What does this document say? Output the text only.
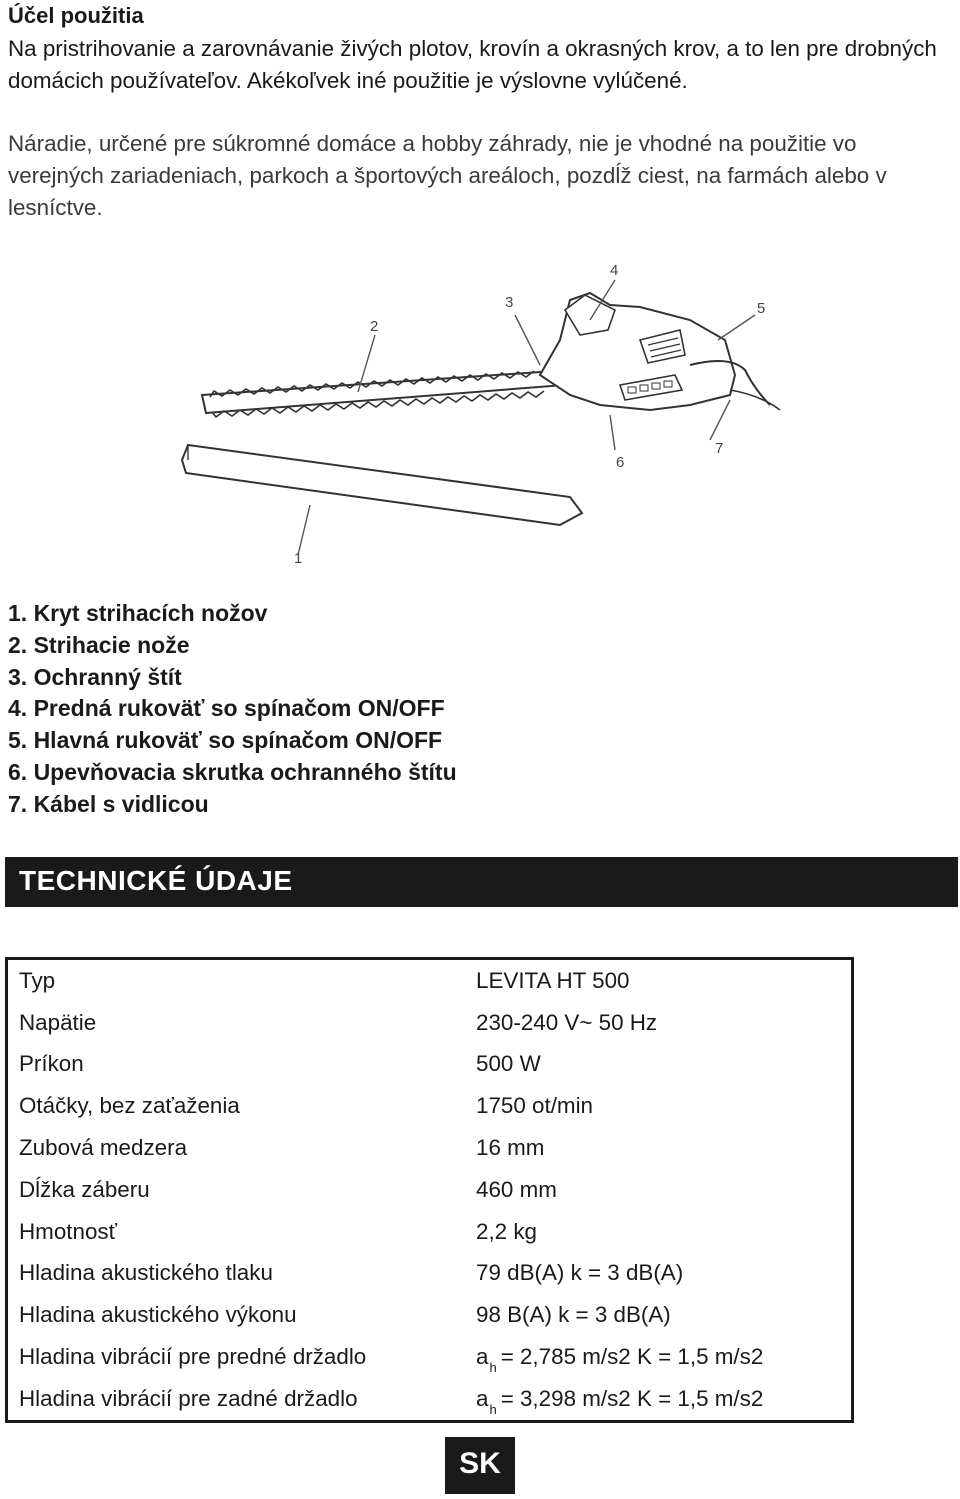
Účel použitia

Na pristrihovanie a zarovnávanie živých plotov, krovín a okrasných krov, a to len pre drobných domácich používateľov. Akékoľvek iné použitie je výslovne vylúčené.

Náradie, určené pre súkromné domáce a hobby záhrady, nie je vhodné na použitie vo verejných zariadeniach, parkoch a športových areáloch, pozdĺž ciest, na farmách alebo v lesníctve.

1
2
3
4
5
6
7
1. Kryt strihacích nožov
2. Strihacie nože
3. Ochranný štít
4. Predná rukoväť so spínačom ON/OFF
5. Hlavná rukoväť so spínačom ON/OFF
6. Upevňovacia skrutka ochranného štítu
7. Kábel s vidlicou
TECHNICKÉ ÚDAJE
Typ	LEVITA HT 500
Napätie	230-240 V~ 50 Hz
Príkon	500 W
Otáčky, bez zaťaženia	1750 ot/min
Zubová medzera	16 mm
Dĺžka záberu	460 mm
Hmotnosť	2,2 kg
Hladina akustického tlaku	79 dB(A) k = 3 dB(A)
Hladina akustického výkonu	98 B(A) k = 3 dB(A)
Hladina vibrácií pre predné držadlo	$a_h = 2,785$ m/s2 K = 1,5 m/s2
Hladina vibrácií pre zadné držadlo	$a_h = 3,298$ m/s2 K = 1,5 m/s2
SK
